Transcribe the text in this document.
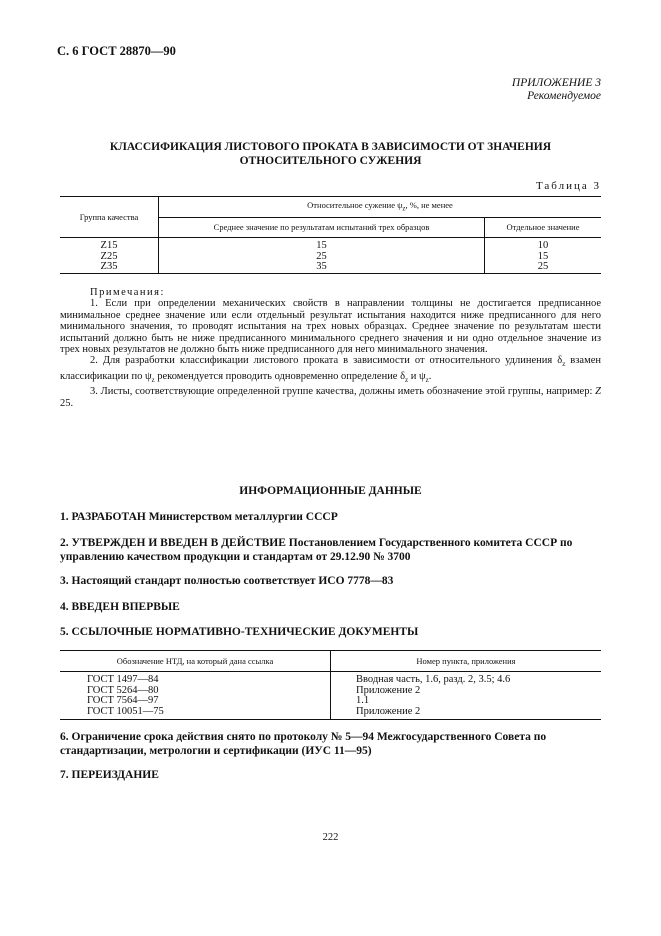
С. 6 ГОСТ 28870—90
ПРИЛОЖЕНИЕ 3
Рекомендуемое
КЛАССИФИКАЦИЯ ЛИСТОВОГО ПРОКАТА В ЗАВИСИМОСТИ ОТ ЗНАЧЕНИЯ
ОТНОСИТЕЛЬНОГО СУЖЕНИЯ
Таблица 3
Группа качества	Относительное сужение $\psi_z$, %, не менее	
	Среднее значение по результатам испытаний трех образцов	Отдельное значение
Z15	15	10
Z25	25	15
Z35	35	25

Примечания:

1. Если при определении механических свойств в направлении толщины не достигается предписанное минимальное среднее значение или если отдельный результат испытания находится ниже предписанного для него минимального значения, то проводят испытания на трех новых образцах. Среднее значение по результатам шести испытаний должно быть не ниже предписанного минимального среднего значения и ни одно отдельное значение из трех новых результатов не должно быть ниже предписанного для него минимального значения.

2. Для разработки классификации листового проката в зависимости от относительного удлинения $\delta_z$ взамен классификации по $\psi_z$ рекомендуется проводить одновременно определение $\delta_z$ и $\psi_z$.

3. Листы, соответствующие определенной группе качества, должны иметь обозначение этой группы, например: Z 25.

ИНФОРМАЦИОННЫЕ ДАННЫЕ
1. РАЗРАБОТАН Министерством металлургии СССР
2. УТВЕРЖДЕН И ВВЕДЕН В ДЕЙСТВИЕ Постановлением Государственного комитета СССР по управлению качеством продукции и стандартам от 29.12.90 № 3700
3. Настоящий стандарт полностью соответствует ИСО 7778—83
4. ВВЕДЕН ВПЕРВЫЕ
5. ССЫЛОЧНЫЕ НОРМАТИВНО-ТЕХНИЧЕСКИЕ ДОКУМЕНТЫ
Обозначение НТД, на который дана ссылка	Номер пункта, приложения
ГОСТ 1497—84	Вводная часть, 1.6, разд. 2, 3.5; 4.6
ГОСТ 5264—80	Приложение 2
ГОСТ 7564—97	1.1
ГОСТ 10051—75	Приложение 2
6. Ограничение срока действия снято по протоколу № 5—94 Межгосударственного Совета по стандартизации, метрологии и сертификации (ИУС 11—95)
7. ПЕРЕИЗДАНИЕ
222
